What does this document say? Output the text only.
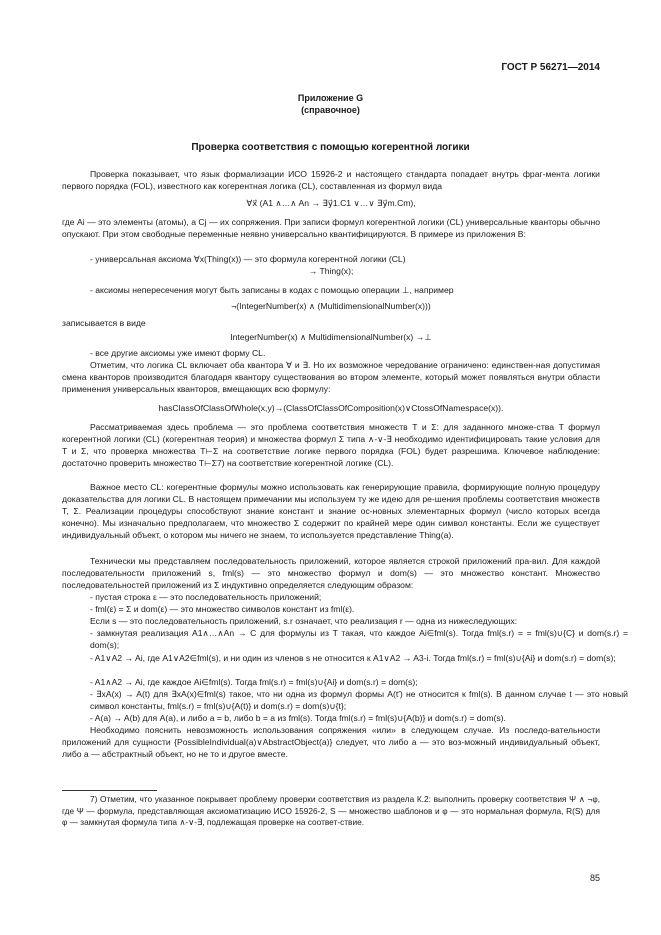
ГОСТ Р 56271—2014
Приложение G
(справочное)
Проверка соответствия с помощью когерентной логики
Проверка показывает, что язык формализации ИСО 15926-2 и настоящего стандарта попадает внутрь фраг-мента логики первого порядка (FOL), известного как когерентная логика (CL), составленная из формул вида
∀x⃗ (A1 ∧…∧ An → ∃y⃗1.C1 ∨…∨ ∃y⃗m.Cm),
где Ai — это элементы (атомы), а Cj — их сопряжения. При записи формул когерентной логики (CL) универсальные кванторы обычно опускают. При этом свободные переменные неявно универсально квантифицируются. В примере из приложения В:
- универсальная аксиома ∀x(Thing(x)) — это формула когерентной логики (CL)
→ Thing(x);
- аксиомы непересечения могут быть записаны в кодах с помощью операции ⊥, например
¬(IntegerNumber(x) ∧ (MultidimensionalNumber(x)))
записывается в виде
IntegerNumber(x) ∧ MultidimensionalNumber(x) →⊥
- все другие аксиомы уже имеют форму CL.
Отметим, что логика CL включает оба квантора ∀ и ∃. Но их возможное чередование ограничено: единствен-ная допустимая смена кванторов производится благодаря квантору существования во втором элементе, который может появляться внутри области применения универсальных кванторов, вмещающих всю формулу:
hasClassOfClassOfWhole(x,y)→(ClassOfClassOfComposition(x)∨CtossOfNamespace(x)).
Рассматриваемая здесь проблема — это проблема соответствия множеств T и Σ: для заданного множе-ства T формул когерентной логики (CL) (когерентная теория) и множества формул Σ типа ∧-∨-∃ необходимо идентифицировать такие условия для T и Σ, что проверка множества T⊢Σ на соответствие логике первого порядка (FOL) будет разрешима. Ключевое наблюдение: достаточно проверить множество T⊢Σ7) на соответствие когерентной логике (CL).
Важное место CL: когерентные формулы можно использовать как генерирующие правила, формирующие полную процедуру доказательства для логики CL. В настоящем примечании мы используем ту же идею для ре-шения проблемы соответствия множеств T, Σ. Реализации процедуры способствуют знание констант и знание ос-новных элементарных формул (число которых всегда конечно). Мы изначально предполагаем, что множество Σ содержит по крайней мере один символ константы. Если же существует индивидуальный объект, о котором мы ничего не знаем, то используется представление Thing(a).
Технически мы представляем последовательность приложений, которое является строкой приложений пра-вил. Для каждой последовательности приложений s, fml(s) — это множество формул и dom(s) — это множество констант. Множество последовательностей приложений из Σ индуктивно определяется следующим образом:
- пустая строка ε — это последовательность приложений;
- fml(ε) = Σ и dom(ε) — это множество символов констант из fml(ε).
Если s — это последовательность приложений, s.r означает, что реализация r — одна из нижеследующих:
- замкнутая реализация A1∧…∧An → C для формулы из T такая, что каждое Ai∈fml(s). Тогда fml(s.r) = = fml(s)∪{C} и dom(s.r) = dom(s);
- A1∨A2 → Ai, где A1∨A2∈fml(s), и ни один из членов s не относится к A1∨A2 → A3-i. Тогда fml(s.r) = fml(s)∪{Ai} и dom(s.r) = dom(s);
- A1∧A2 → Ai, где каждое Ai∈fml(s). Тогда fml(s.r) = fml(s)∪{Ai} и dom(s.r) = dom(s);
- ∃xA(x) → A(t) для ∃xA(x)∈fml(s) такое, что ни одна из формул формы A(t′) не относится к fml(s). В данном случае t — это новый символ константы, fml(s.r) = fml(s)∪{A(t)} и dom(s.r) = dom(s)∪{t};
- A(a) → A(b) для A(a), и либо a = b, либо b = a из fml(s). Тогда fml(s.r) = fml(s)∪{A(b)} и dom(s.r) = dom(s).
Необходимо пояснить невозможность использования сопряжения «или» в следующем случае. Из последо-вательности приложений для сущности {PossibleIndividual(a)∨AbstractObject(a)} следует, что либо a — это воз-можный индивидуальный объект, либо a — абстрактный объект, но не то и другое вместе.
7) Отметим, что указанное покрывает проблему проверки соответствия из раздела К.2: выполнить проверку соответствия Ψ ∧ ¬φ, где Ψ — формула, представляющая аксиоматизацию ИСО 15926-2, S — множество шаблонов и φ — это нормальная формула, R(S) для φ — замкнутая формула типа ∧-∨-∃, подлежащая проверке на соответ-ствие.
85
